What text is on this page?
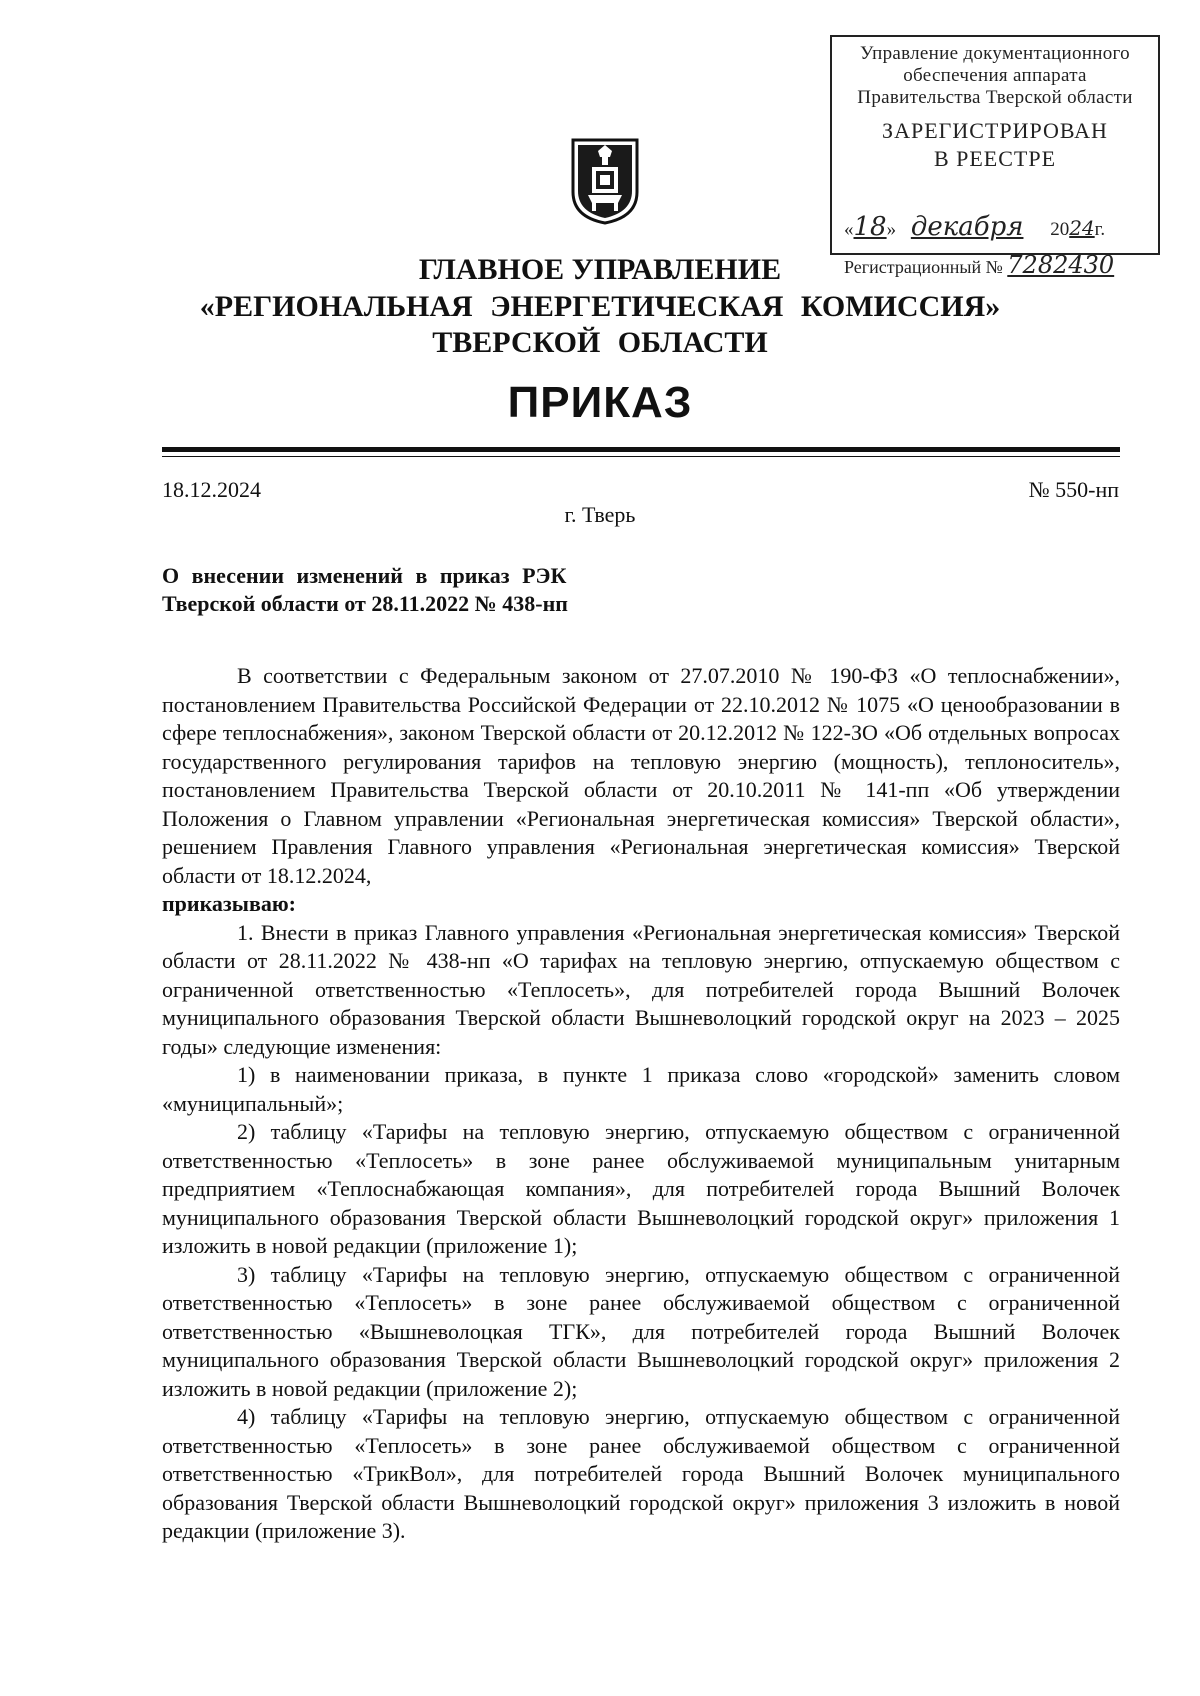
Управление документационного
обеспечения аппарата
Правительства Тверской области
ЗАРЕГИСТРИРОВАН
В РЕЕСТРЕ
«18» декабря 2024г.
Регистрационный № 7282430
ГЛАВНОЕ УПРАВЛЕНИЕ
«РЕГИОНАЛЬНАЯ ЭНЕРГЕТИЧЕСКАЯ КОМИССИЯ»
ТВЕРСКОЙ ОБЛАСТИ
ПРИКАЗ
18.12.2024	№ 550-нп
г. Тверь
О внесении изменений в приказ РЭК
Тверской области от 28.11.2022 № 438-нп

В соответствии с Федеральным законом от 27.07.2010 № 190-ФЗ «О теплоснабжении», постановлением Правительства Российской Федерации от 22.10.2012 № 1075 «О ценообразовании в сфере теплоснабжения», законом Тверской области от 20.12.2012 № 122-ЗО «Об отдельных вопросах государственного регулирования тарифов на тепловую энергию (мощность), теплоноситель», постановлением Правительства Тверской области от 20.10.2011 № 141-пп «Об утверждении Положения о Главном управлении «Региональная энергетическая комиссия» Тверской области», решением Правления Главного управления «Региональная энергетическая комиссия» Тверской области от 18.12.2024,

приказываю:

1. Внести в приказ Главного управления «Региональная энергетическая комиссия» Тверской области от 28.11.2022 № 438-нп «О тарифах на тепловую энергию, отпускаемую обществом с ограниченной ответственностью «Теплосеть», для потребителей города Вышний Волочек муниципального образования Тверской области Вышневолоцкий городской округ на 2023 – 2025 годы» следующие изменения:

1) в наименовании приказа, в пункте 1 приказа слово «городской» заменить словом «муниципальный»;

2) таблицу «Тарифы на тепловую энергию, отпускаемую обществом с ограниченной ответственностью «Теплосеть» в зоне ранее обслуживаемой муниципальным унитарным предприятием «Теплоснабжающая компания», для потребителей города Вышний Волочек муниципального образования Тверской области Вышневолоцкий городской округ» приложения 1 изложить в новой редакции (приложение 1);

3) таблицу «Тарифы на тепловую энергию, отпускаемую обществом с ограниченной ответственностью «Теплосеть» в зоне ранее обслуживаемой обществом с ограниченной ответственностью «Вышневолоцкая ТГК», для потребителей города Вышний Волочек муниципального образования Тверской области Вышневолоцкий городской округ» приложения 2 изложить в новой редакции (приложение 2);

4) таблицу «Тарифы на тепловую энергию, отпускаемую обществом с ограниченной ответственностью «Теплосеть» в зоне ранее обслуживаемой обществом с ограниченной ответственностью «ТрикВол», для потребителей города Вышний Волочек муниципального образования Тверской области Вышневолоцкий городской округ» приложения 3 изложить в новой редакции (приложение 3).
